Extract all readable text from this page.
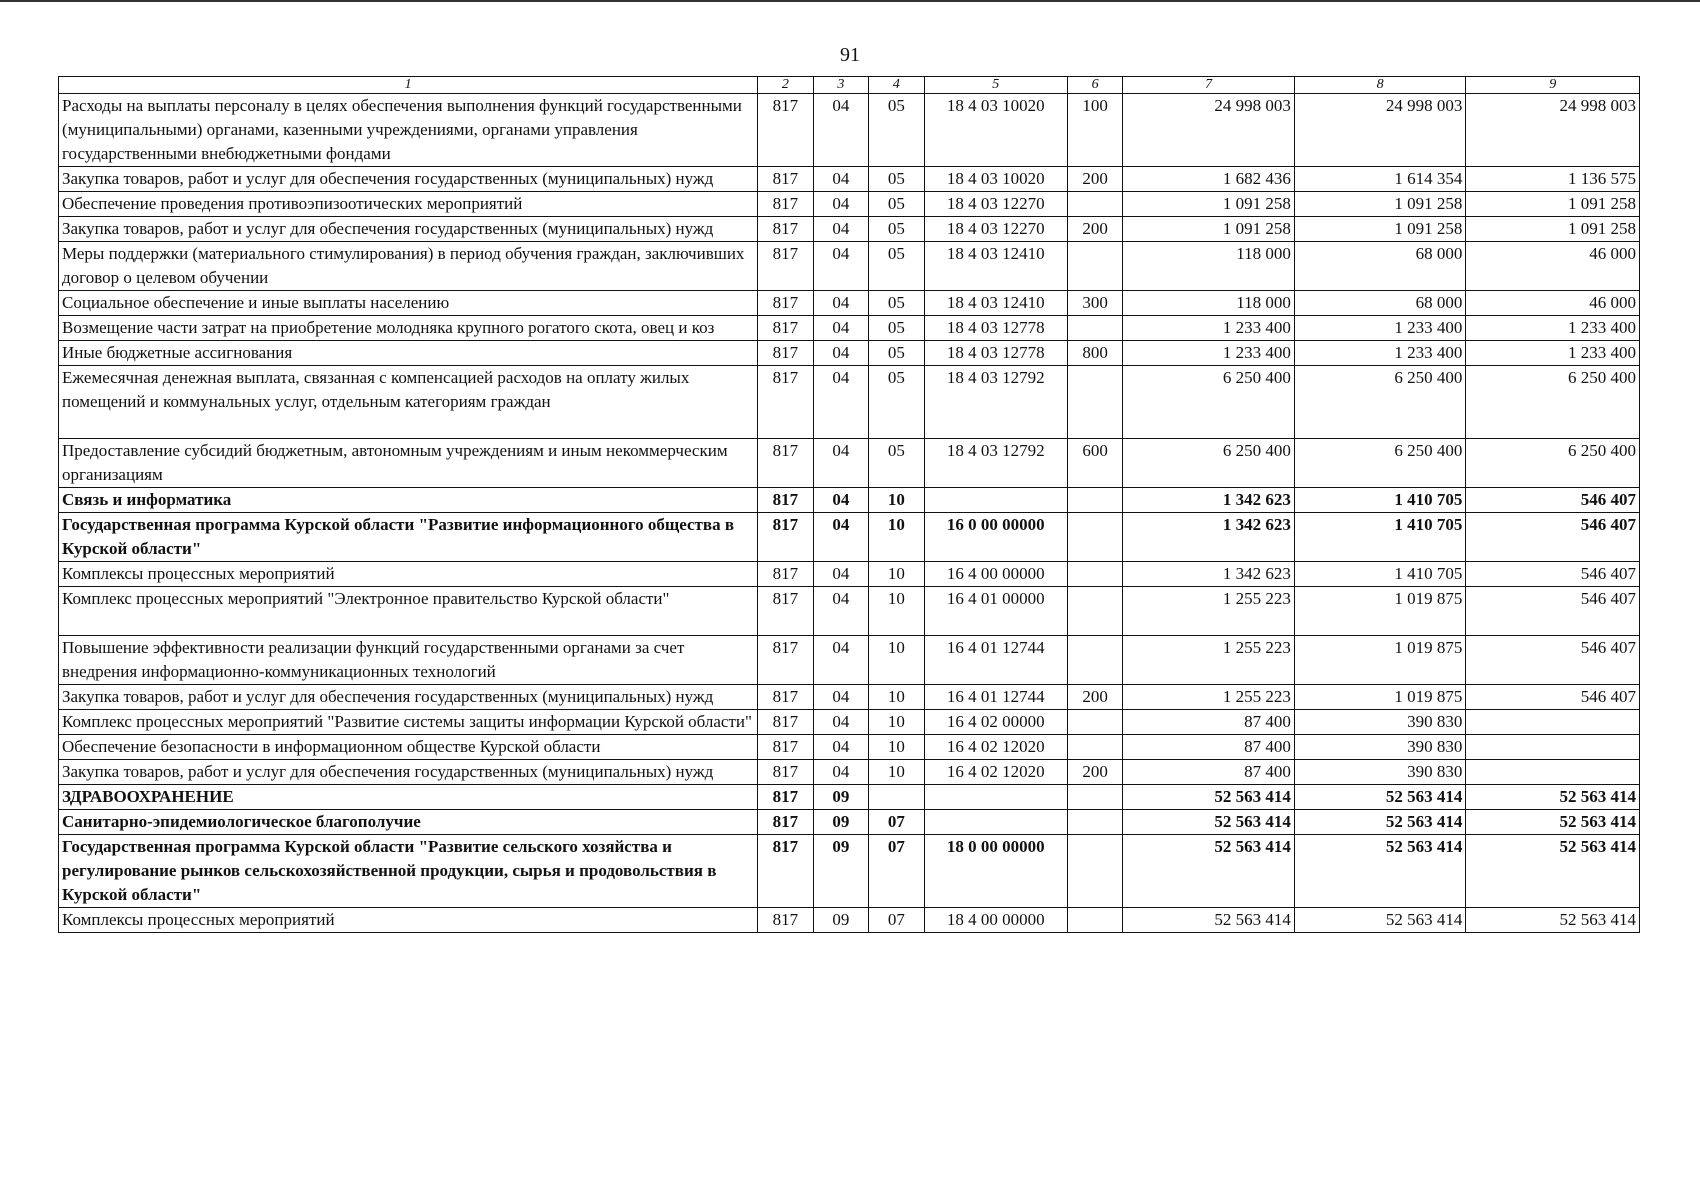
91
1	2	3	4	5	6	7	8	9
Расходы на выплаты персоналу в целях обеспечения выполнения функций государственными (муниципальными) органами, казенными учреждениями, органами управления государственными внебюджетными фондами	817	04	05	18 4 03 10020	100	24 998 003	24 998 003	24 998 003
Закупка товаров, работ и услуг для обеспечения государственных (муниципальных) нужд	817	04	05	18 4 03 10020	200	1 682 436	1 614 354	1 136 575
Обеспечение проведения противоэпизоотических мероприятий	817	04	05	18 4 03 12270		1 091 258	1 091 258	1 091 258
Закупка товаров, работ и услуг для обеспечения государственных (муниципальных) нужд	817	04	05	18 4 03 12270	200	1 091 258	1 091 258	1 091 258
Меры поддержки (материального стимулирования) в период обучения граждан, заключивших договор о целевом обучении	817	04	05	18 4 03 12410		118 000	68 000	46 000
Социальное обеспечение и иные выплаты населению	817	04	05	18 4 03 12410	300	118 000	68 000	46 000
Возмещение части затрат на приобретение молодняка крупного рогатого скота, овец и коз	817	04	05	18 4 03 12778		1 233 400	1 233 400	1 233 400
Иные бюджетные ассигнования	817	04	05	18 4 03 12778	800	1 233 400	1 233 400	1 233 400
Ежемесячная денежная выплата, связанная с компенсацией расходов на оплату жилых помещений и коммунальных услуг, отдельным категориям граждан	817	04	05	18 4 03 12792		6 250 400	6 250 400	6 250 400
Предоставление субсидий бюджетным, автономным учреждениям и иным некоммерческим организациям	817	04	05	18 4 03 12792	600	6 250 400	6 250 400	6 250 400
Связь и информатика	817	04	10			1 342 623	1 410 705	546 407
Государственная программа Курской области "Развитие информационного общества в Курской области"	817	04	10	16 0 00 00000		1 342 623	1 410 705	546 407
Комплексы процессных мероприятий	817	04	10	16 4 00 00000		1 342 623	1 410 705	546 407
Комплекс процессных мероприятий "Электронное правительство Курской области"	817	04	10	16 4 01 00000		1 255 223	1 019 875	546 407
Повышение эффективности реализации функций государственными органами за счет внедрения информационно-коммуникационных технологий	817	04	10	16 4 01 12744		1 255 223	1 019 875	546 407
Закупка товаров, работ и услуг для обеспечения государственных (муниципальных) нужд	817	04	10	16 4 01 12744	200	1 255 223	1 019 875	546 407
Комплекс процессных мероприятий "Развитие системы защиты информации Курской области"	817	04	10	16 4 02 00000		87 400	390 830	
Обеспечение безопасности в информационном обществе Курской области	817	04	10	16 4 02 12020		87 400	390 830	
Закупка товаров, работ и услуг для обеспечения государственных (муниципальных) нужд	817	04	10	16 4 02 12020	200	87 400	390 830	
ЗДРАВООХРАНЕНИЕ	817	09				52 563 414	52 563 414	52 563 414
Санитарно-эпидемиологическое благополучие	817	09	07			52 563 414	52 563 414	52 563 414
Государственная программа Курской области "Развитие сельского хозяйства и регулирование рынков сельскохозяйственной продукции, сырья и продовольствия в Курской области"	817	09	07	18 0 00 00000		52 563 414	52 563 414	52 563 414
Комплексы процессных мероприятий	817	09	07	18 4 00 00000		52 563 414	52 563 414	52 563 414
